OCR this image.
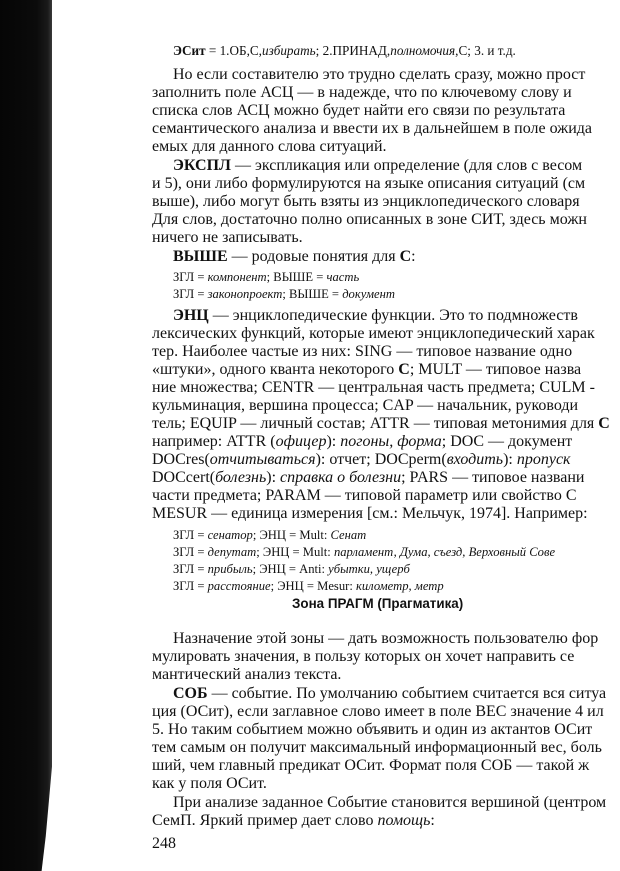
ЭСит = 1.ОБ,С,избирать; 2.ПРИНАД,полномочия,С; 3. и т.д.

Но если составителю это трудно сделать сразу, можно прост

заполнить поле АСЦ — в надежде, что по ключевому слову и

списка слов АСЦ можно будет найти его связи по результата

семантического анализа и ввести их в дальнейшем в поле ожида

емых для данного слова ситуаций.

ЭКСПЛ — экспликация или определение (для слов с весом

и 5), они либо формулируются на языке описания ситуаций (см

выше), либо могут быть взяты из энциклопедического словаря

Для слов, достаточно полно описанных в зоне СИТ, здесь можн

ничего не записывать.

ВЫШЕ — родовые понятия для С:

ЗГЛ = компонент; ВЫШЕ = часть

ЗГЛ = законопроект; ВЫШЕ = документ

ЭНЦ — энциклопедические функции. Это то подмножеств

лексических функций, которые имеют энциклопедический харак

тер. Наиболее частые из них: SING — типовое название одно

«штуки», одного кванта некоторого С; MULT — типовое назва

ние множества; CENTR — центральная часть предмета; CULM -

кульминация, вершина процесса; CAP — начальник, руководи

тель; EQUIP — личный состав; ATTR — типовая метонимия для С

например: ATTR (офицер): погоны, форма; DOC — документ

DOCres(отчитываться): отчет; DOCperm(входить): пропуск

DOCcert(болезнь): справка о болезни; PARS — типовое названи

части предмета; PARAM — типовой параметр или свойство С

MESUR — единица измерения [см.: Мельчук, 1974]. Например:

ЗГЛ = сенатор; ЭНЦ = Mult: Сенат

ЗГЛ = депутат; ЭНЦ = Mult: парламент, Дума, съезд, Верховный Сове

ЗГЛ = прибыль; ЭНЦ = Anti: убытки, ущерб

ЗГЛ = расстояние; ЭНЦ = Mesur: километр, метр

Зона ПРАГМ (Прагматика)

Назначение этой зоны — дать возможность пользователю фор

мулировать значения, в пользу которых он хочет направить се

мантический анализ текста.

СОБ — событие. По умолчанию событием считается вся ситуа

ция (ОСит), если заглавное слово имеет в поле ВЕС значение 4 ил

5. Но таким событием можно объявить и один из актантов ОСит

тем самым он получит максимальный информационный вес, боль

ший, чем главный предикат ОСит. Формат поля СОБ — такой ж

как у поля ОСит.

При анализе заданное Событие становится вершиной (центром

СемП. Яркий пример дает слово помощь:

248
